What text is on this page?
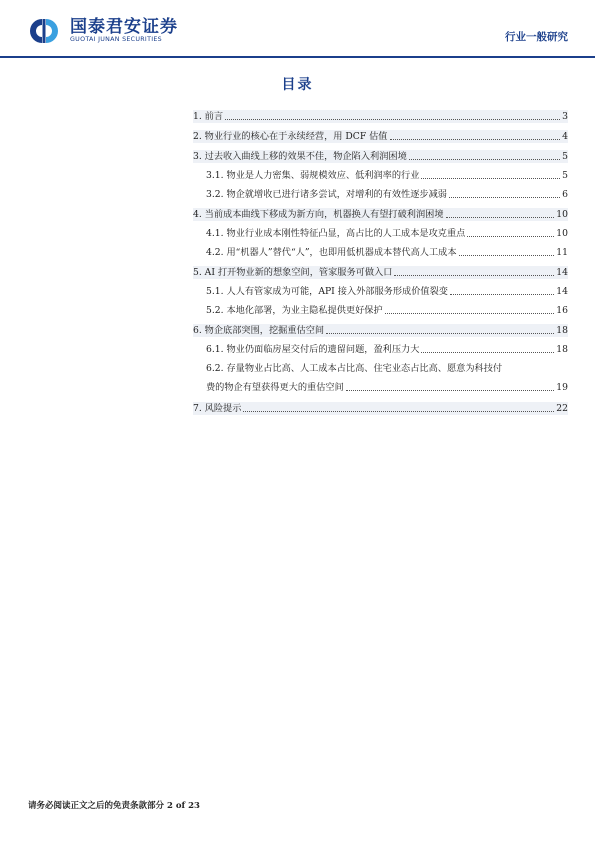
国泰君安证券
GUOTAI JUNAN SECURITIES	行业一般研究
目录
1. 前言	3
2. 物业行业的核心在于永续经营，用 DCF 估值	4
3. 过去收入曲线上移的效果不佳，物企陷入利润困境	5
3.1. 物业是人力密集、弱规模效应、低利润率的行业	5
3.2. 物企就增收已进行诸多尝试，对增利的有效性逐步减弱	6
4. 当前成本曲线下移成为新方向，机器换人有望打破利润困境	10
4.1. 物业行业成本刚性特征凸显，高占比的人工成本是攻克重点	10
4.2. 用“机器人”替代“人”，也即用低机器成本替代高人工成本	11
5. AI 打开物业新的想象空间，管家服务可做入口	14
5.1. 人人有管家成为可能，API 接入外部服务形成价值裂变	14
5.2. 本地化部署，为业主隐私提供更好保护	16
6. 物企底部突围，挖掘重估空间	18
6.1. 物业仍面临房屋交付后的遗留问题，盈利压力大	18
6.2. 存量物业占比高、人工成本占比高、住宅业态占比高、愿意为科技付
费的物企有望获得更大的重估空间	19
7. 风险提示	22
请务必阅读正文之后的免责条款部分 2 of 23
